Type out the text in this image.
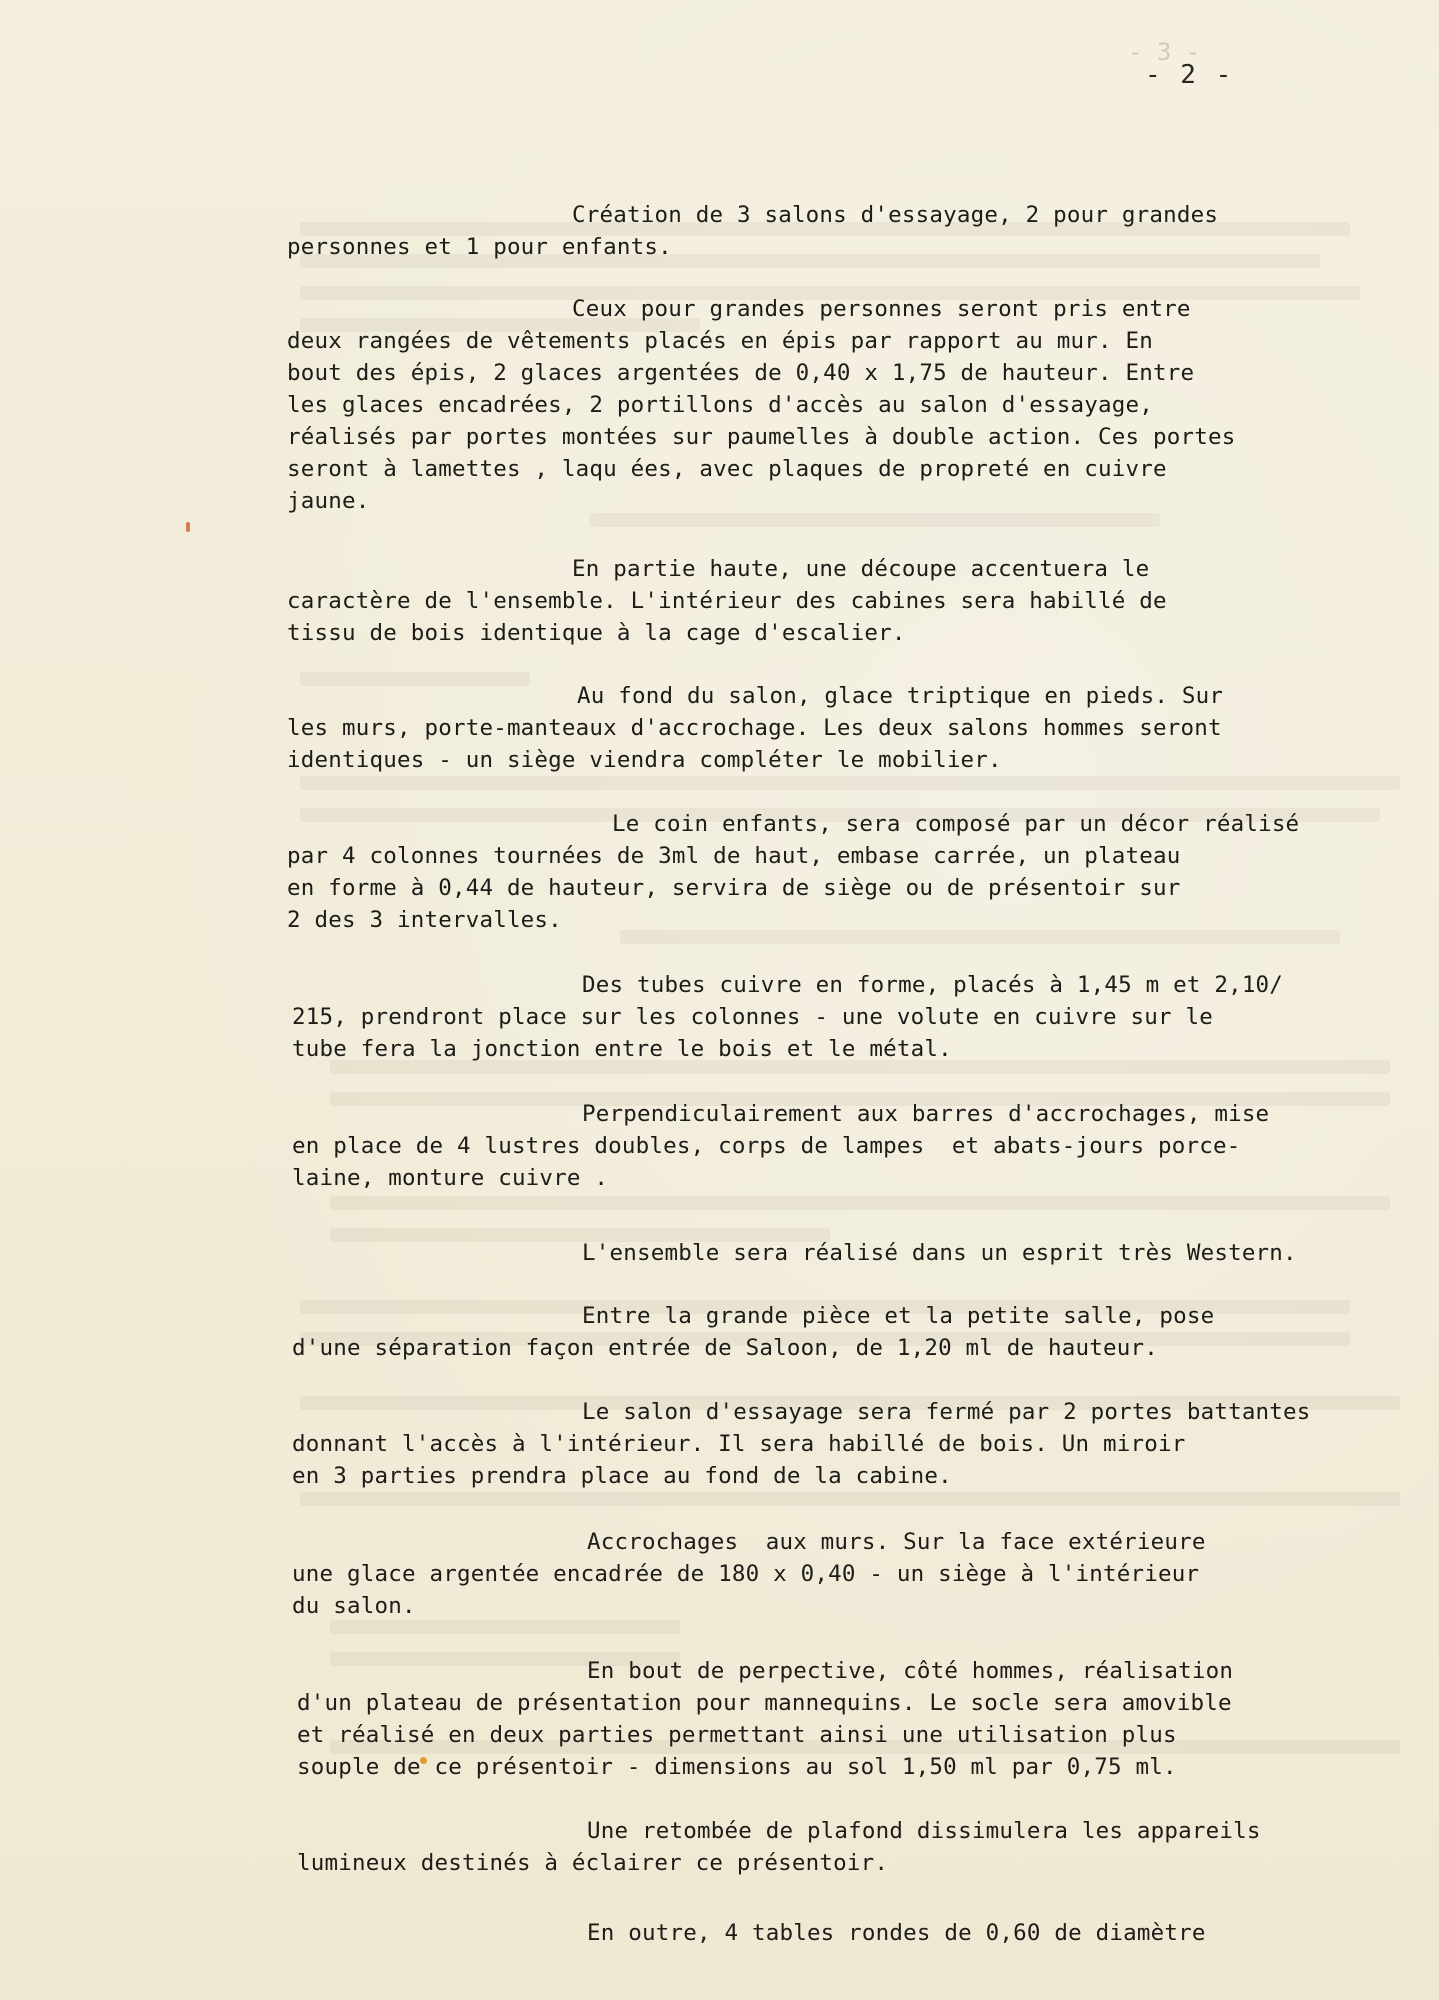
- 3 -
- 2 -
Création de 3 salons d'essayage, 2 pour grandes
personnes et 1 pour enfants.
Ceux pour grandes personnes seront pris entre
deux rangées de vêtements placés en épis par rapport au mur. En
bout des épis, 2 glaces argentées de 0,40 x 1,75 de hauteur. Entre
les glaces encadrées, 2 portillons d'accès au salon d'essayage,
réalisés par portes montées sur paumelles à double action. Ces portes
seront à lamettes , laqu ées, avec plaques de propreté en cuivre
jaune.
En partie haute, une découpe accentuera le
caractère de l'ensemble. L'intérieur des cabines sera habillé de
tissu de bois identique à la cage d'escalier.
Au fond du salon, glace triptique en pieds. Sur
les murs, porte-manteaux d'accrochage. Les deux salons hommes seront
identiques - un siège viendra compléter le mobilier.
Le coin enfants, sera composé par un décor réalisé
par 4 colonnes tournées de 3ml de haut, embase carrée, un plateau
en forme à 0,44 de hauteur, servira de siège ou de présentoir sur
2 des 3 intervalles.
Des tubes cuivre en forme, placés à 1,45 m et 2,10/
215, prendront place sur les colonnes - une volute en cuivre sur le
tube fera la jonction entre le bois et le métal.
Perpendiculairement aux barres d'accrochages, mise
en place de 4 lustres doubles, corps de lampes  et abats-jours porce-
laine, monture cuivre .
L'ensemble sera réalisé dans un esprit très Western.
Entre la grande pièce et la petite salle, pose
d'une séparation façon entrée de Saloon, de 1,20 ml de hauteur.
Le salon d'essayage sera fermé par 2 portes battantes
donnant l'accès à l'intérieur. Il sera habillé de bois. Un miroir
en 3 parties prendra place au fond de la cabine.
Accrochages  aux murs. Sur la face extérieure
une glace argentée encadrée de 180 x 0,40 - un siège à l'intérieur
du salon.
En bout de perpective, côté hommes, réalisation
d'un plateau de présentation pour mannequins. Le socle sera amovible
et réalisé en deux parties permettant ainsi une utilisation plus
souple de ce présentoir - dimensions au sol 1,50 ml par 0,75 ml.
Une retombée de plafond dissimulera les appareils
lumineux destinés à éclairer ce présentoir.
En outre, 4 tables rondes de 0,60 de diamètre
